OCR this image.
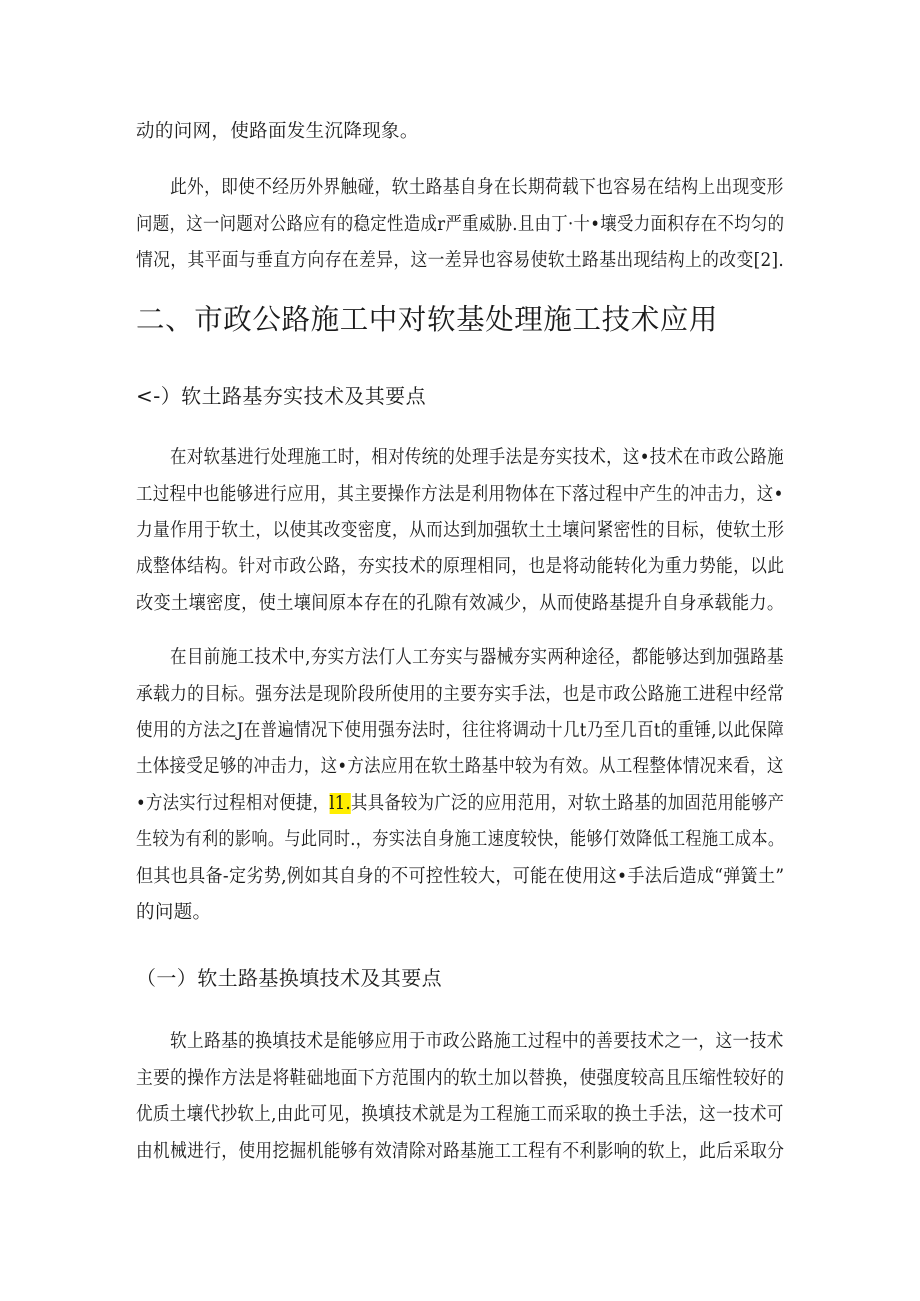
动的问网，使路面发生沉降现象。

此外，即使不经历外界触碰，软土路基自身在长期荷载下也容易在结构上出现变形

问题，这一问题对公路应有的稳定性造成r严重威胁.且由丁·十•壤受力面积存在不均匀的

情况，其平面与垂直方向存在差异，这一差异也容易使软土路基出现结构上的改变[2].

二、市政公路施工中对软基处理施工技术应用
<-）软土路基夯实技术及其要点

在对软基进行处理施工时，相对传统的处理手法是夯实技术，这•技术在市政公路施

工过程中也能够进行应用，其主要操作方法是利用物体在下落过程中产生的冲击力，这•

力量作用于软土，以使其改变密度，从而达到加强软土土壤问紧密性的目标，使软土形

成整体结构。针对市政公路，夯实技术的原理相同，也是将动能转化为重力势能，以此

改变土壤密度，使土壤间原本存在的孔隙有效减少，从而使路基提升自身承载能力。

在目前施工技术中,夯实方法仃人工夯实与器械夯实两种途径，都能够达到加强路基

承载力的目标。强夯法是现阶段所使用的主要夯实手法，也是市政公路施工进程中经常

使用的方法之J在普遍情况下使用强夯法时，往往将调动十几t乃至几百t的重锤,以此保障

土体接受足够的冲击力，这•方法应用在软土路基中较为有效。从工程整体情况来看，这

•方法实行过程相对便捷，l1.其具备较为广泛的应用范用，对软土路基的加固范用能够产

生较为有利的影响。与此同时.，夯实法自身施工速度较快，能够仃效降低工程施工成本。

但其也具备-定劣势,例如其自身的不可控性较大，可能在使用这•手法后造成“弹簧土”

的问题。

（一）软土路基换填技术及其要点

软上路基的换填技术是能够应用于市政公路施工过程中的善要技术之一，这一技术

主要的操作方法是将鞋础地面下方范围内的软土加以替换，使强度较高且压缩性较好的

优质土壤代抄软上,由此可见，换填技术就是为工程施工而采取的换土手法，这一技术可

由机械进行，使用挖掘机能够有效清除对路基施工工程有不利影响的软上，此后采取分
